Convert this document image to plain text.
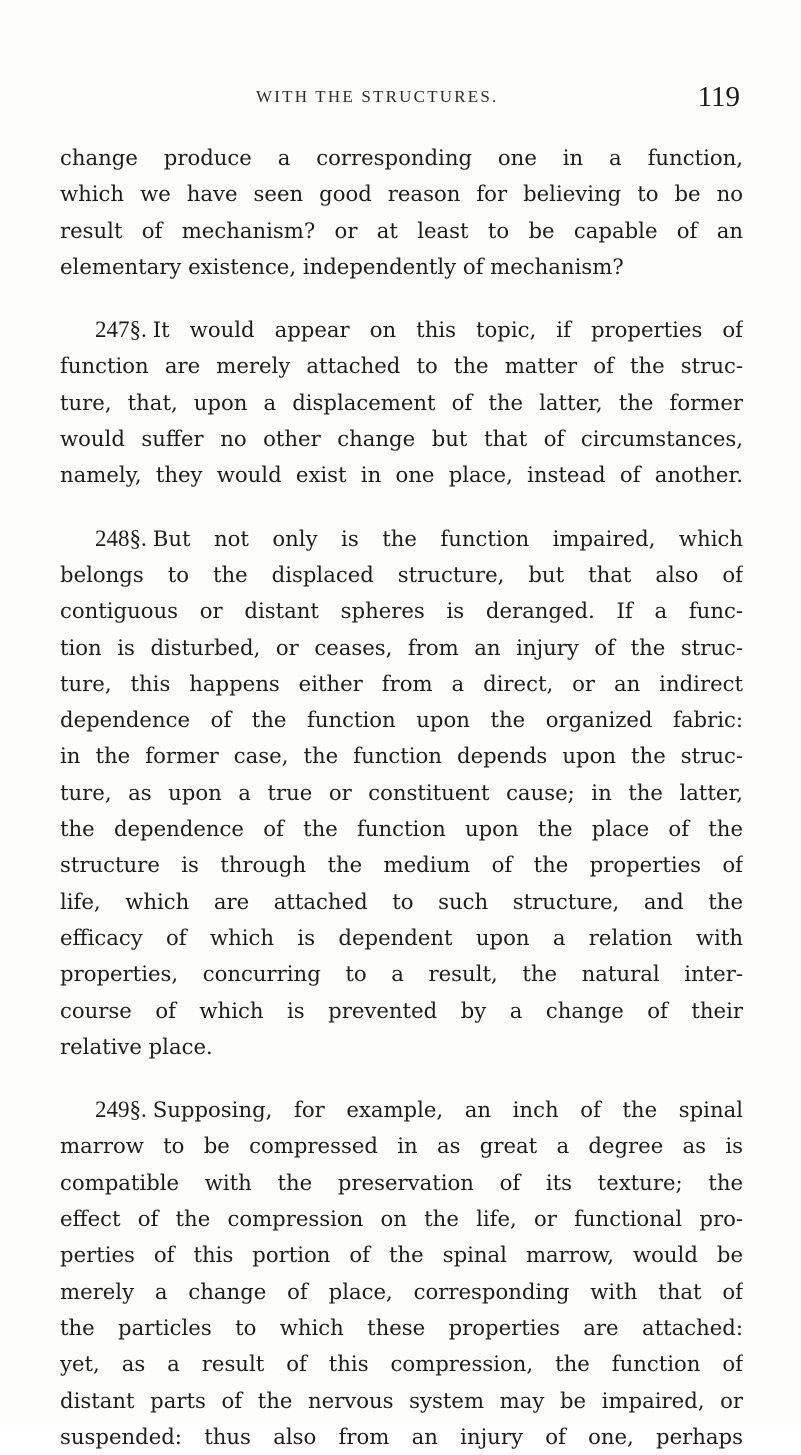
WITH THE STRUCTURES.	119
change produce a corresponding one in a function,
which we have seen good reason for believing to be no
result of mechanism? or at least to be capable of an
elementary existence, independently of mechanism?
247§. It would appear on this topic, if properties of
function are merely attached to the matter of the struc-
ture, that, upon a displacement of the latter, the former
would suffer no other change but that of circumstances,
namely, they would exist in one place, instead of another.
248§. But not only is the function impaired, which
belongs to the displaced structure, but that also of
contiguous or distant spheres is deranged. If a func-
tion is disturbed, or ceases, from an injury of the struc-
ture, this happens either from a direct, or an indirect
dependence of the function upon the organized fabric:
in the former case, the function depends upon the struc-
ture, as upon a true or constituent cause; in the latter,
the dependence of the function upon the place of the
structure is through the medium of the properties of
life, which are attached to such structure, and the
efficacy of which is dependent upon a relation with
properties, concurring to a result, the natural inter-
course of which is prevented by a change of their
relative place.
249§. Supposing, for example, an inch of the spinal
marrow to be compressed in as great a degree as is
compatible with the preservation of its texture; the
effect of the compression on the life, or functional pro-
perties of this portion of the spinal marrow, would be
merely a change of place, corresponding with that of
the particles to which these properties are attached:
yet, as a result of this compression, the function of
distant parts of the nervous system may be impaired, or
suspended: thus also from an injury of one, perhaps
